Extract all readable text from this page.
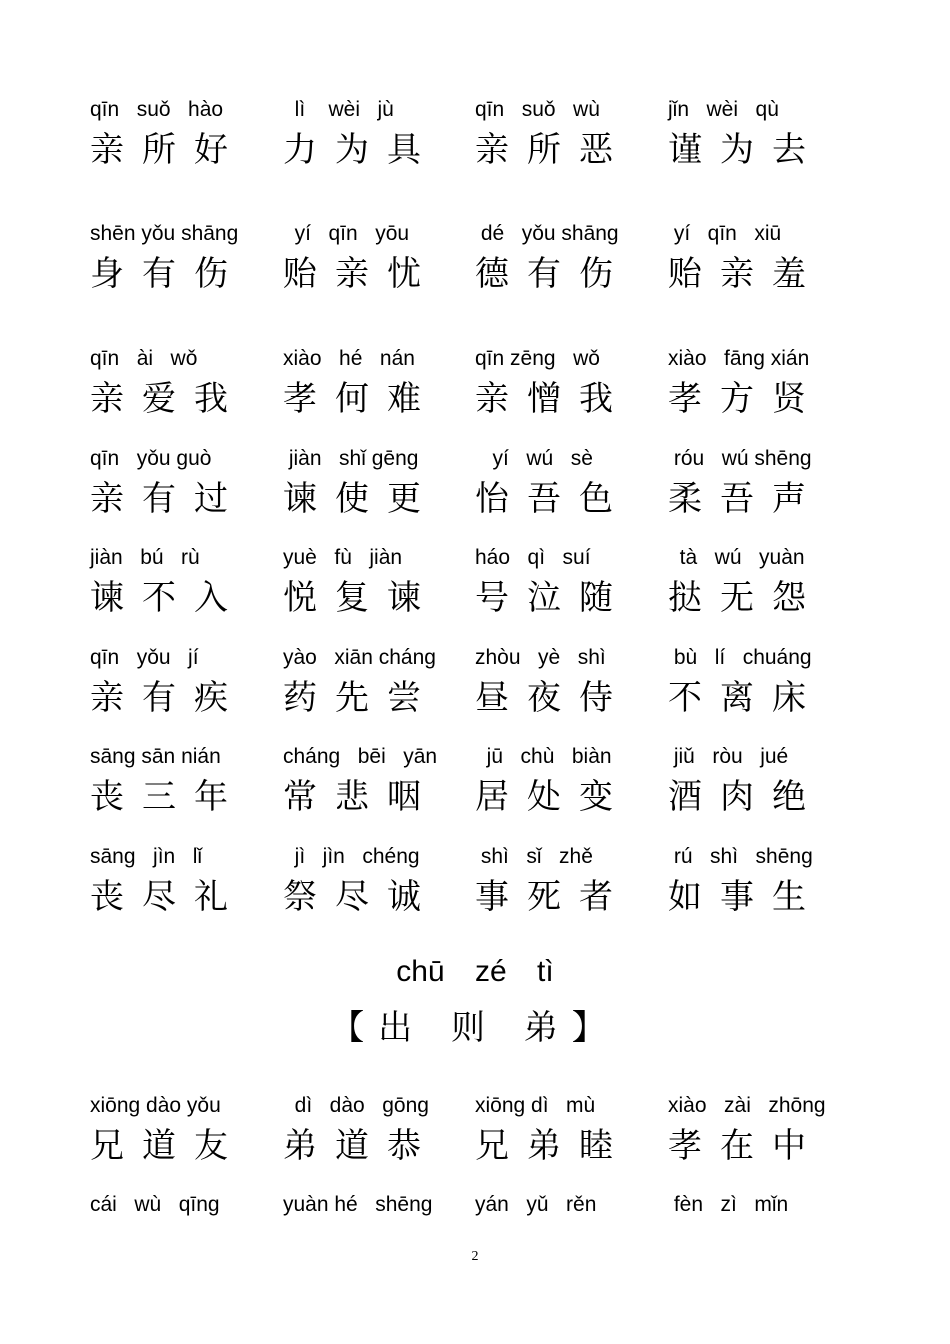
qīn   suǒ   hào
亲所好
lì    wèi   jù
力为具
qīn   suǒ   wù
亲所恶
jǐn   wèi   qù
谨为去
shēn yǒu shāng
身有伤
yí   qīn   yōu
贻亲忧
dé   yǒu shāng
德有伤
yí   qīn   xiū
贻亲羞
qīn   ài   wǒ
亲爱我
xiào   hé   nán
孝何难
qīn zēng   wǒ
亲憎我
xiào   fāng xián
孝方贤
qīn   yǒu guò
亲有过
jiàn   shǐ gēng
谏使更
yí   wú   sè
怡吾色
róu   wú shēng
柔吾声
jiàn   bú   rù
谏不入
yuè   fù   jiàn
悦复谏
háo   qì   suí
号泣随
tà   wú   yuàn
挞无怨
qīn   yǒu   jí
亲有疾
yào   xiān cháng
药先尝
zhòu   yè   shì
昼夜侍
bù   lí   chuáng
不离床
sāng sān nián
丧三年
cháng   bēi   yān
常悲咽
jū   chù   biàn
居处变
jiǔ   ròu   jué
酒肉绝
sāng   jìn   lǐ
丧尽礼
jì   jìn   chéng
祭尽诚
shì   sǐ   zhě
事死者
rú   shì   shēng
如事生
xiōng dào yǒu
兄道友
dì   dào   gōng
弟道恭
xiōng dì   mù
兄弟睦
xiào   zài   zhōng
孝在中
cái   wù   qīng	yuàn hé   shēng yán   yǔ   rěn	fèn   zì   mǐn
chū zé tì
【出 则 弟】
2
